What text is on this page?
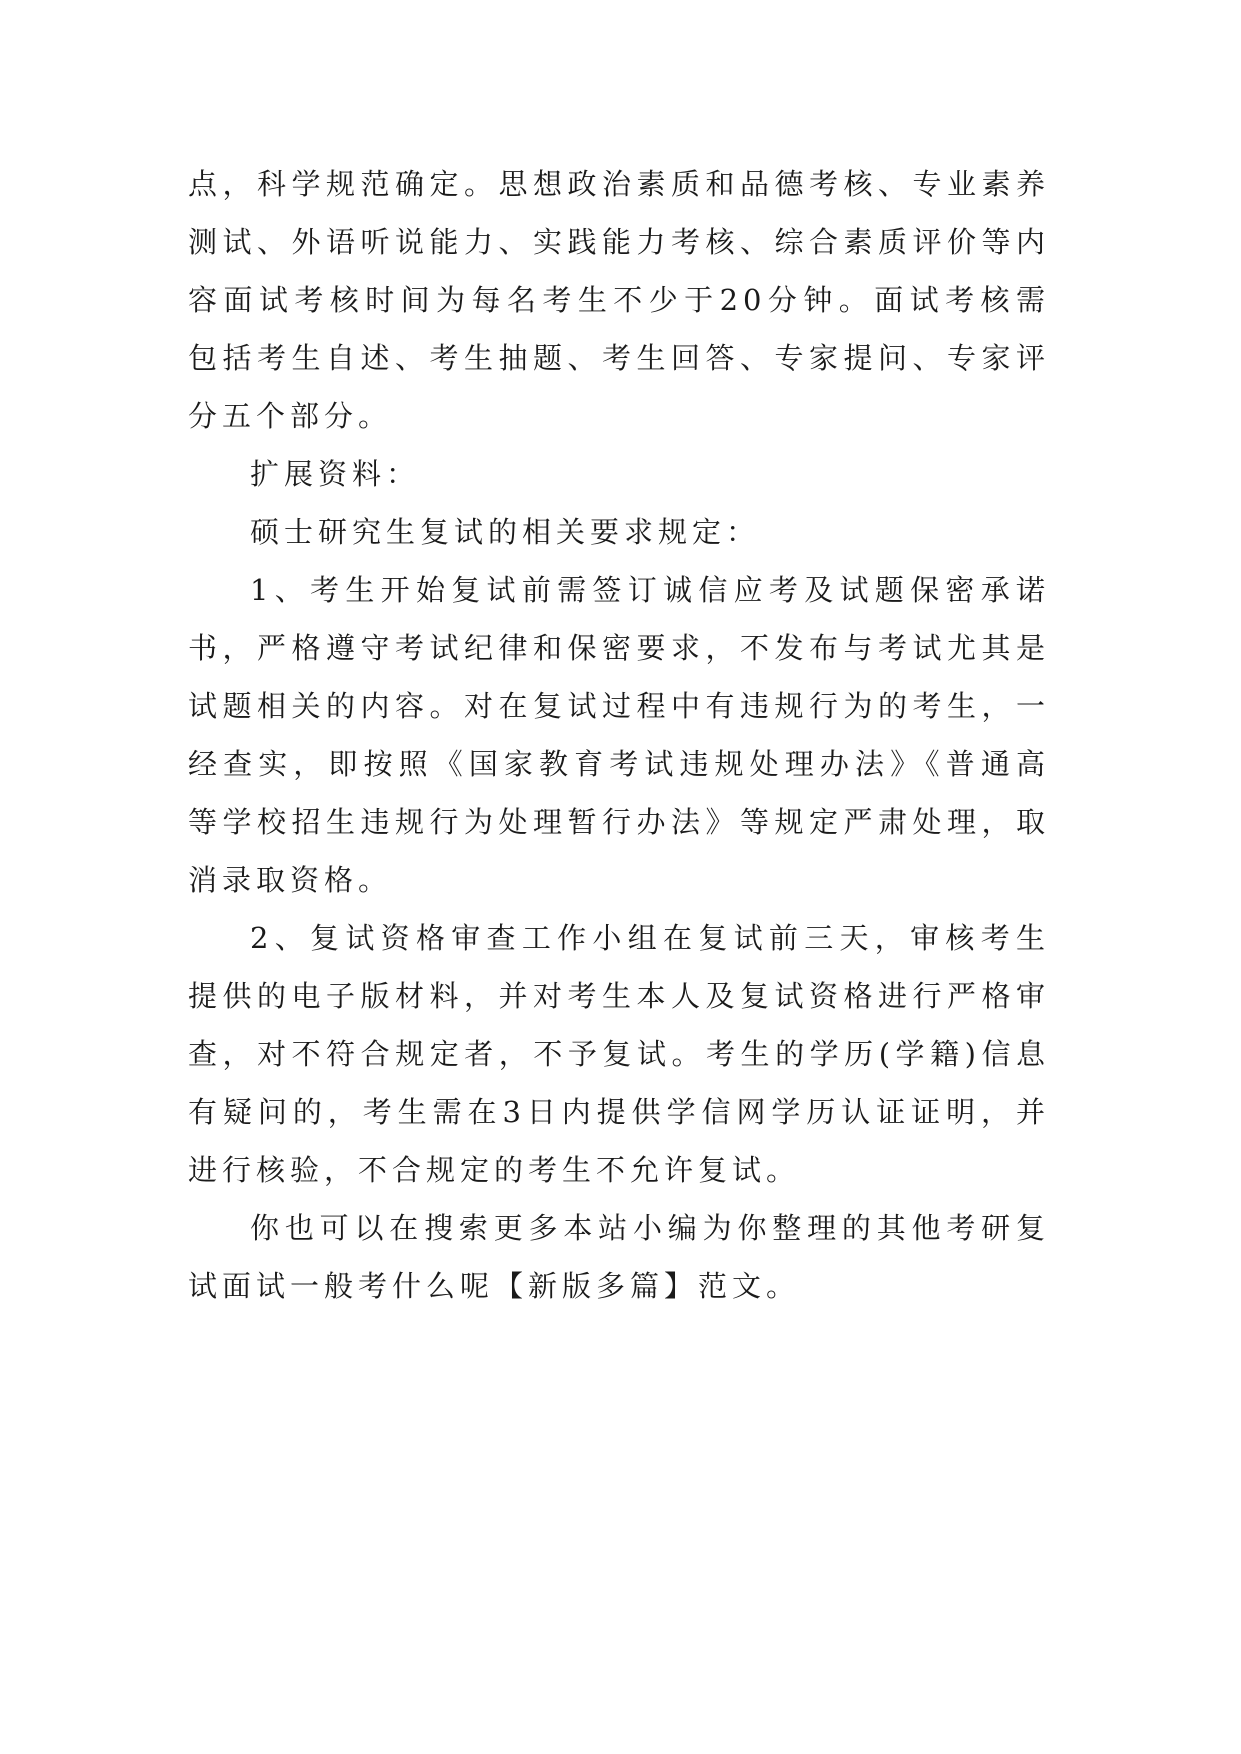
点，科学规范确定。思想政治素质和品德考核、专业素养测试、外语听说能力、实践能力考核、综合素质评价等内容面试考核时间为每名考生不少于20分钟。面试考核需包括考生自述、考生抽题、考生回答、专家提问、专家评分五个部分。

扩展资料：

硕士研究生复试的相关要求规定：

1、考生开始复试前需签订诚信应考及试题保密承诺书，严格遵守考试纪律和保密要求，不发布与考试尤其是试题相关的内容。对在复试过程中有违规行为的考生，一经查实，即按照《国家教育考试违规处理办法》《普通高等学校招生违规行为处理暂行办法》等规定严肃处理，取消录取资格。

2、复试资格审查工作小组在复试前三天，审核考生提供的电子版材料，并对考生本人及复试资格进行严格审查，对不符合规定者，不予复试。考生的学历(学籍)信息有疑问的，考生需在3日内提供学信网学历认证证明，并进行核验，不合规定的考生不允许复试。

你也可以在搜索更多本站小编为你整理的其他考研复试面试一般考什么呢【新版多篇】范文。
